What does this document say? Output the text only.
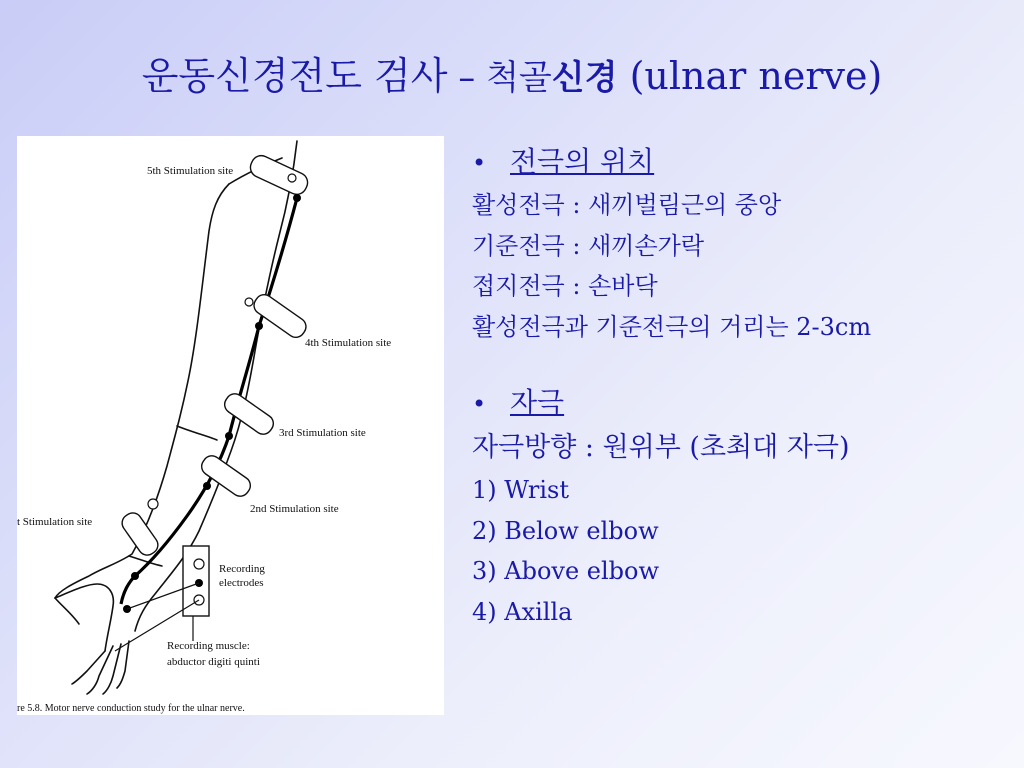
운동신경전도 검사 – 척골신경 (ulnar nerve)
5th Stimulation site
4th Stimulation site
3rd Stimulation site
2nd Stimulation site
t Stimulation site
Recording
electrodes
Recording muscle:
abductor digiti quinti
re 5.8. Motor nerve conduction study for the ulnar nerve.
• 전극의 위치
활성전극 : 새끼벌림근의 중앙
기준전극 : 새끼손가락
접지전극 : 손바닥
활성전극과 기준전극의 거리는 2-3cm
• 자극
자극방향 : 원위부 (초최대 자극)
1) Wrist
2) Below elbow
3) Above elbow
4) Axilla
